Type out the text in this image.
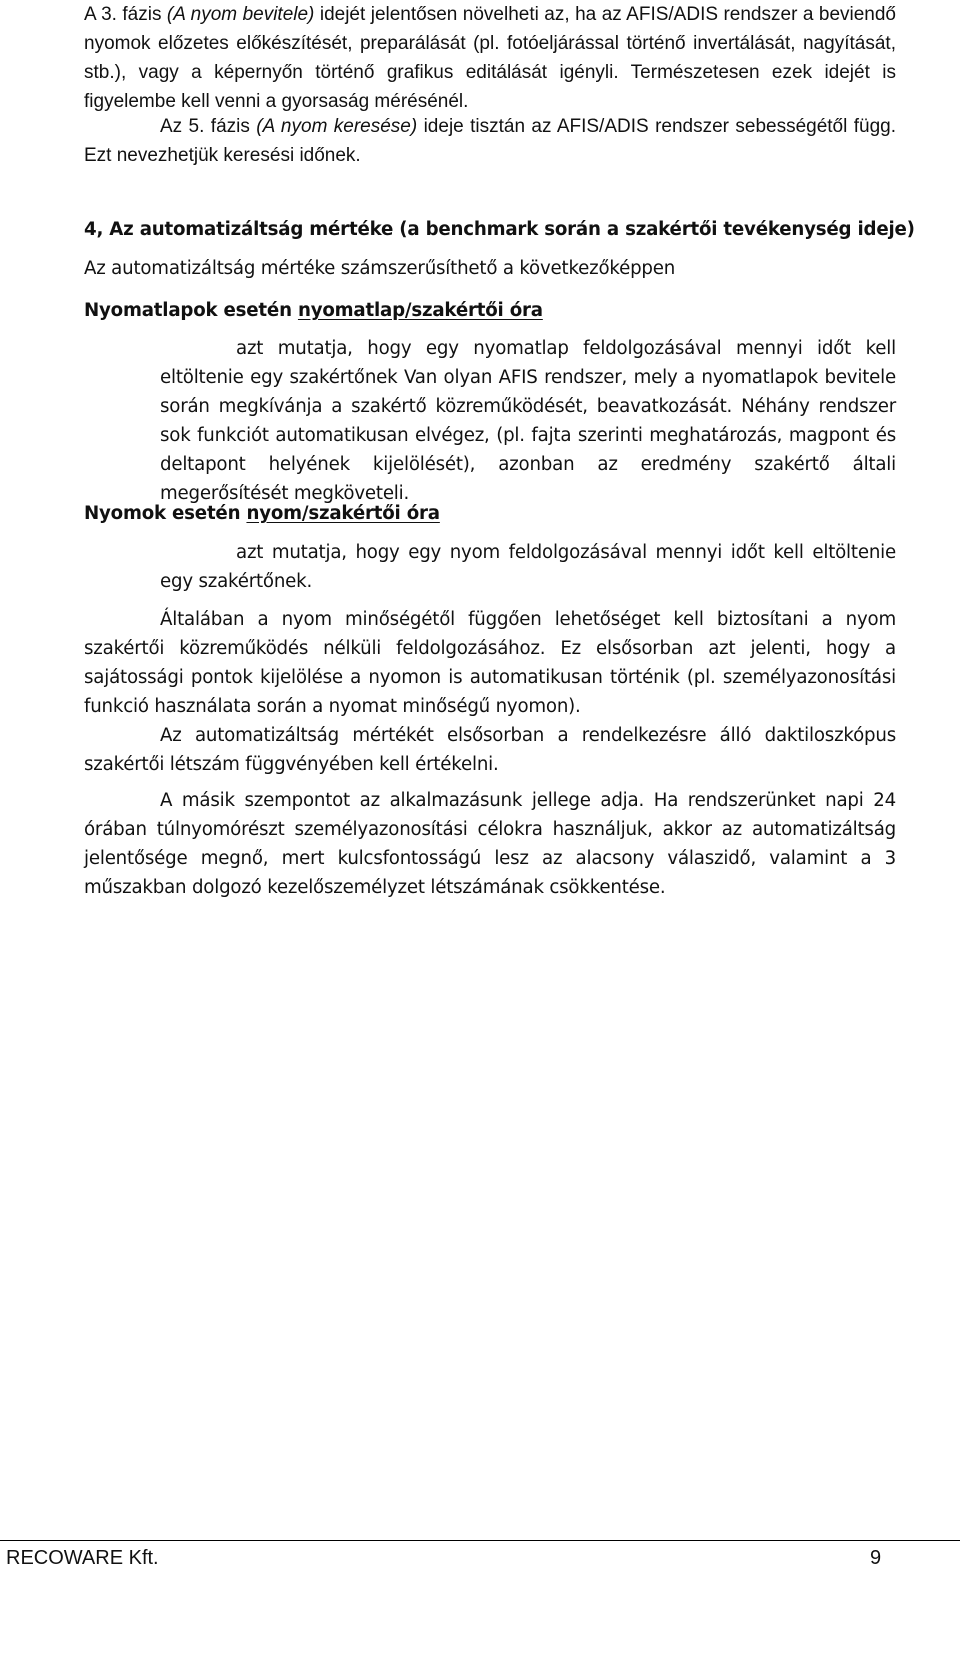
A 3. fázis (A nyom bevitele) idejét jelentősen növelheti az, ha az AFIS/ADIS rendszer a beviendő nyomok előzetes előkészítését, preparálását (pl. fotóeljárással történő invertálását, nagyítását, stb.), vagy a képernyőn történő grafikus editálását igényli. Természetesen ezek idejét is figyelembe kell venni a gyorsaság mérésénél.

Az 5. fázis (A nyom keresése) ideje tisztán az AFIS/ADIS rendszer sebességétől függ. Ezt nevezhetjük keresési időnek.

4, Az automatizáltság mértéke (a benchmark során a szakértői tevékenység ideje)

Az automatizáltság mértéke számszerűsíthető a következőképpen

Nyomatlapok esetén nyomatlap/szakértői óra

azt mutatja, hogy egy nyomatlap feldolgozásával mennyi időt kell eltöltenie egy szakértőnek Van olyan AFIS rendszer, mely a nyomatlapok bevitele során megkívánja a szakértő közreműködését, beavatkozását. Néhány rendszer sok funkciót automatikusan elvégez, (pl. fajta szerinti meghatározás, magpont és deltapont helyének kijelölését), azonban az eredmény szakértő általi megerősítését megköveteli.

Nyomok esetén nyom/szakértői óra

azt mutatja, hogy egy nyom feldolgozásával mennyi időt kell eltöltenie egy szakértőnek.

Általában a nyom minőségétől függően lehetőséget kell biztosítani a nyom szakértői közreműködés nélküli feldolgozásához. Ez elsősorban azt jelenti, hogy a sajátossági pontok kijelölése a nyomon is automatikusan történik (pl. személyazonosítási funkció használata során a nyomat minőségű nyomon).

Az automatizáltság mértékét elsősorban a rendelkezésre álló daktiloszkópus szakértői létszám függvényében kell értékelni.

A másik szempontot az alkalmazásunk jellege adja. Ha rendszerünket napi 24 órában túlnyomórészt személyazonosítási célokra használjuk, akkor az automatizáltság jelentősége megnő, mert kulcsfontosságú lesz az alacsony válaszidő, valamint a 3 műszakban dolgozó kezelőszemélyzet létszámának csökkentése.

RECOWARE Kft.	9
